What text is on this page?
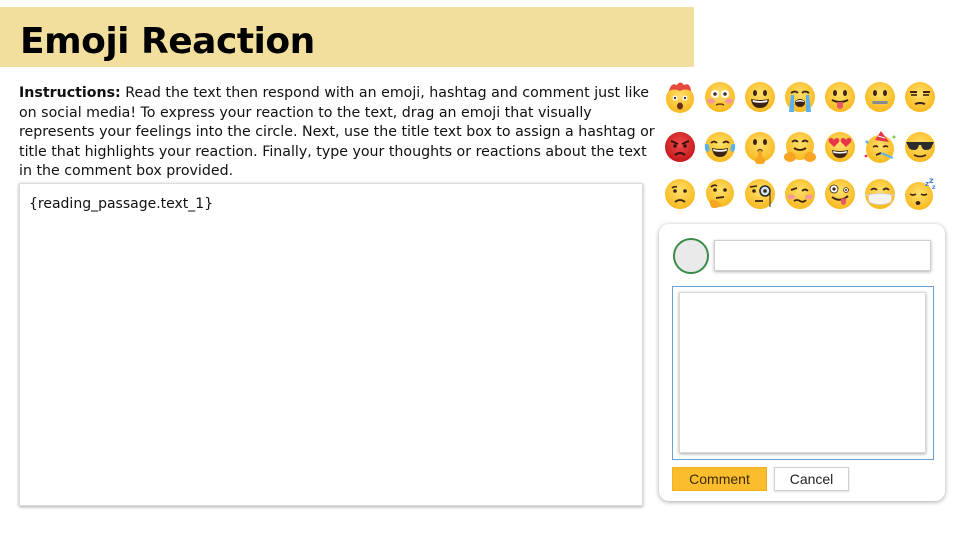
Emoji Reaction
Instructions: Read the text then respond with an emoji, hashtag and comment just like on social media! To express your reaction to the text, drag an emoji that visually represents your feelings into the circle. Next, use the title text box to assign a hashtag or title that highlights your reaction. Finally, type your thoughts or reactions about the text in the comment box provided.
{reading_passage.text_1}
z z
z
Comment	Cancel
